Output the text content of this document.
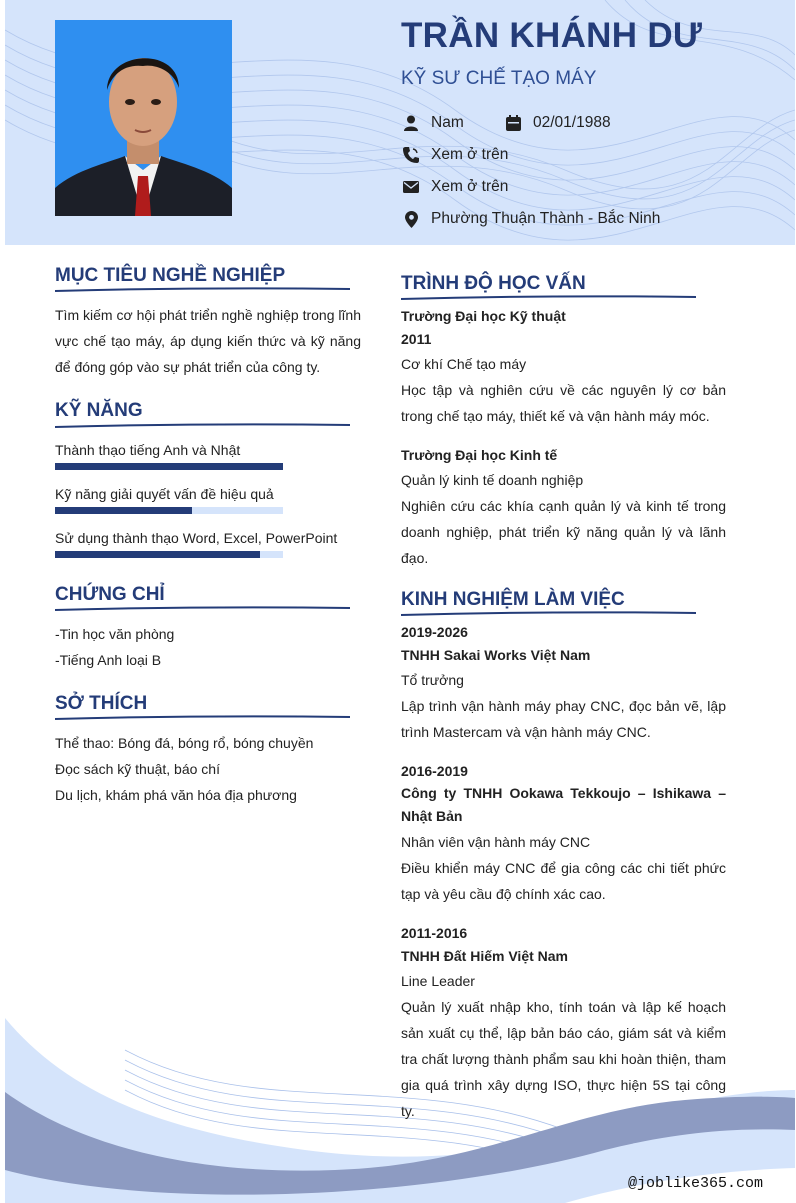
TRẦN KHÁNH DƯ
KỸ SƯ CHẾ TẠO MÁY
Nam	02/01/1988
Xem ở trên
Xem ở trên
Phường Thuận Thành - Bắc Ninh
MỤC TIÊU NGHỀ NGHIỆP
Tìm kiếm cơ hội phát triển nghề nghiệp trong lĩnh vực chế tạo máy, áp dụng kiến thức và kỹ năng để đóng góp vào sự phát triển của công ty.
KỸ NĂNG
Thành thạo tiếng Anh và Nhật
Kỹ năng giải quyết vấn đề hiệu quả
Sử dụng thành thạo Word, Excel, PowerPoint
CHỨNG CHỈ
-Tin học văn phòng
-Tiếng Anh loại B
SỞ THÍCH
Thể thao: Bóng đá, bóng rổ, bóng chuyền
Đọc sách kỹ thuật, báo chí
Du lịch, khám phá văn hóa địa phương
TRÌNH ĐỘ HỌC VẤN
Trường Đại học Kỹ thuật
2011
Cơ khí Chế tạo máy
Học tập và nghiên cứu về các nguyên lý cơ bản trong chế tạo máy, thiết kế và vận hành máy móc.
Trường Đại học Kinh tế
Quản lý kinh tế doanh nghiệp
Nghiên cứu các khía cạnh quản lý và kinh tế trong doanh nghiệp, phát triển kỹ năng quản lý và lãnh đạo.
KINH NGHIỆM LÀM VIỆC
2019-2026
TNHH Sakai Works Việt Nam
Tổ trưởng
Lập trình vận hành máy phay CNC, đọc bản vẽ, lập trình Mastercam và vận hành máy CNC.
2016-2019
Công ty TNHH Ookawa Tekkoujo – Ishikawa – Nhật Bản
Nhân viên vận hành máy CNC
Điều khiển máy CNC để gia công các chi tiết phức tạp và yêu cầu độ chính xác cao.
2011-2016
TNHH Đất Hiếm Việt Nam
Line Leader
Quản lý xuất nhập kho, tính toán và lập kế hoạch sản xuất cụ thể, lập bản báo cáo, giám sát và kiểm tra chất lượng thành phẩm sau khi hoàn thiện, tham gia quá trình xây dựng ISO, thực hiện 5S tại công ty.
@joblike365.com
